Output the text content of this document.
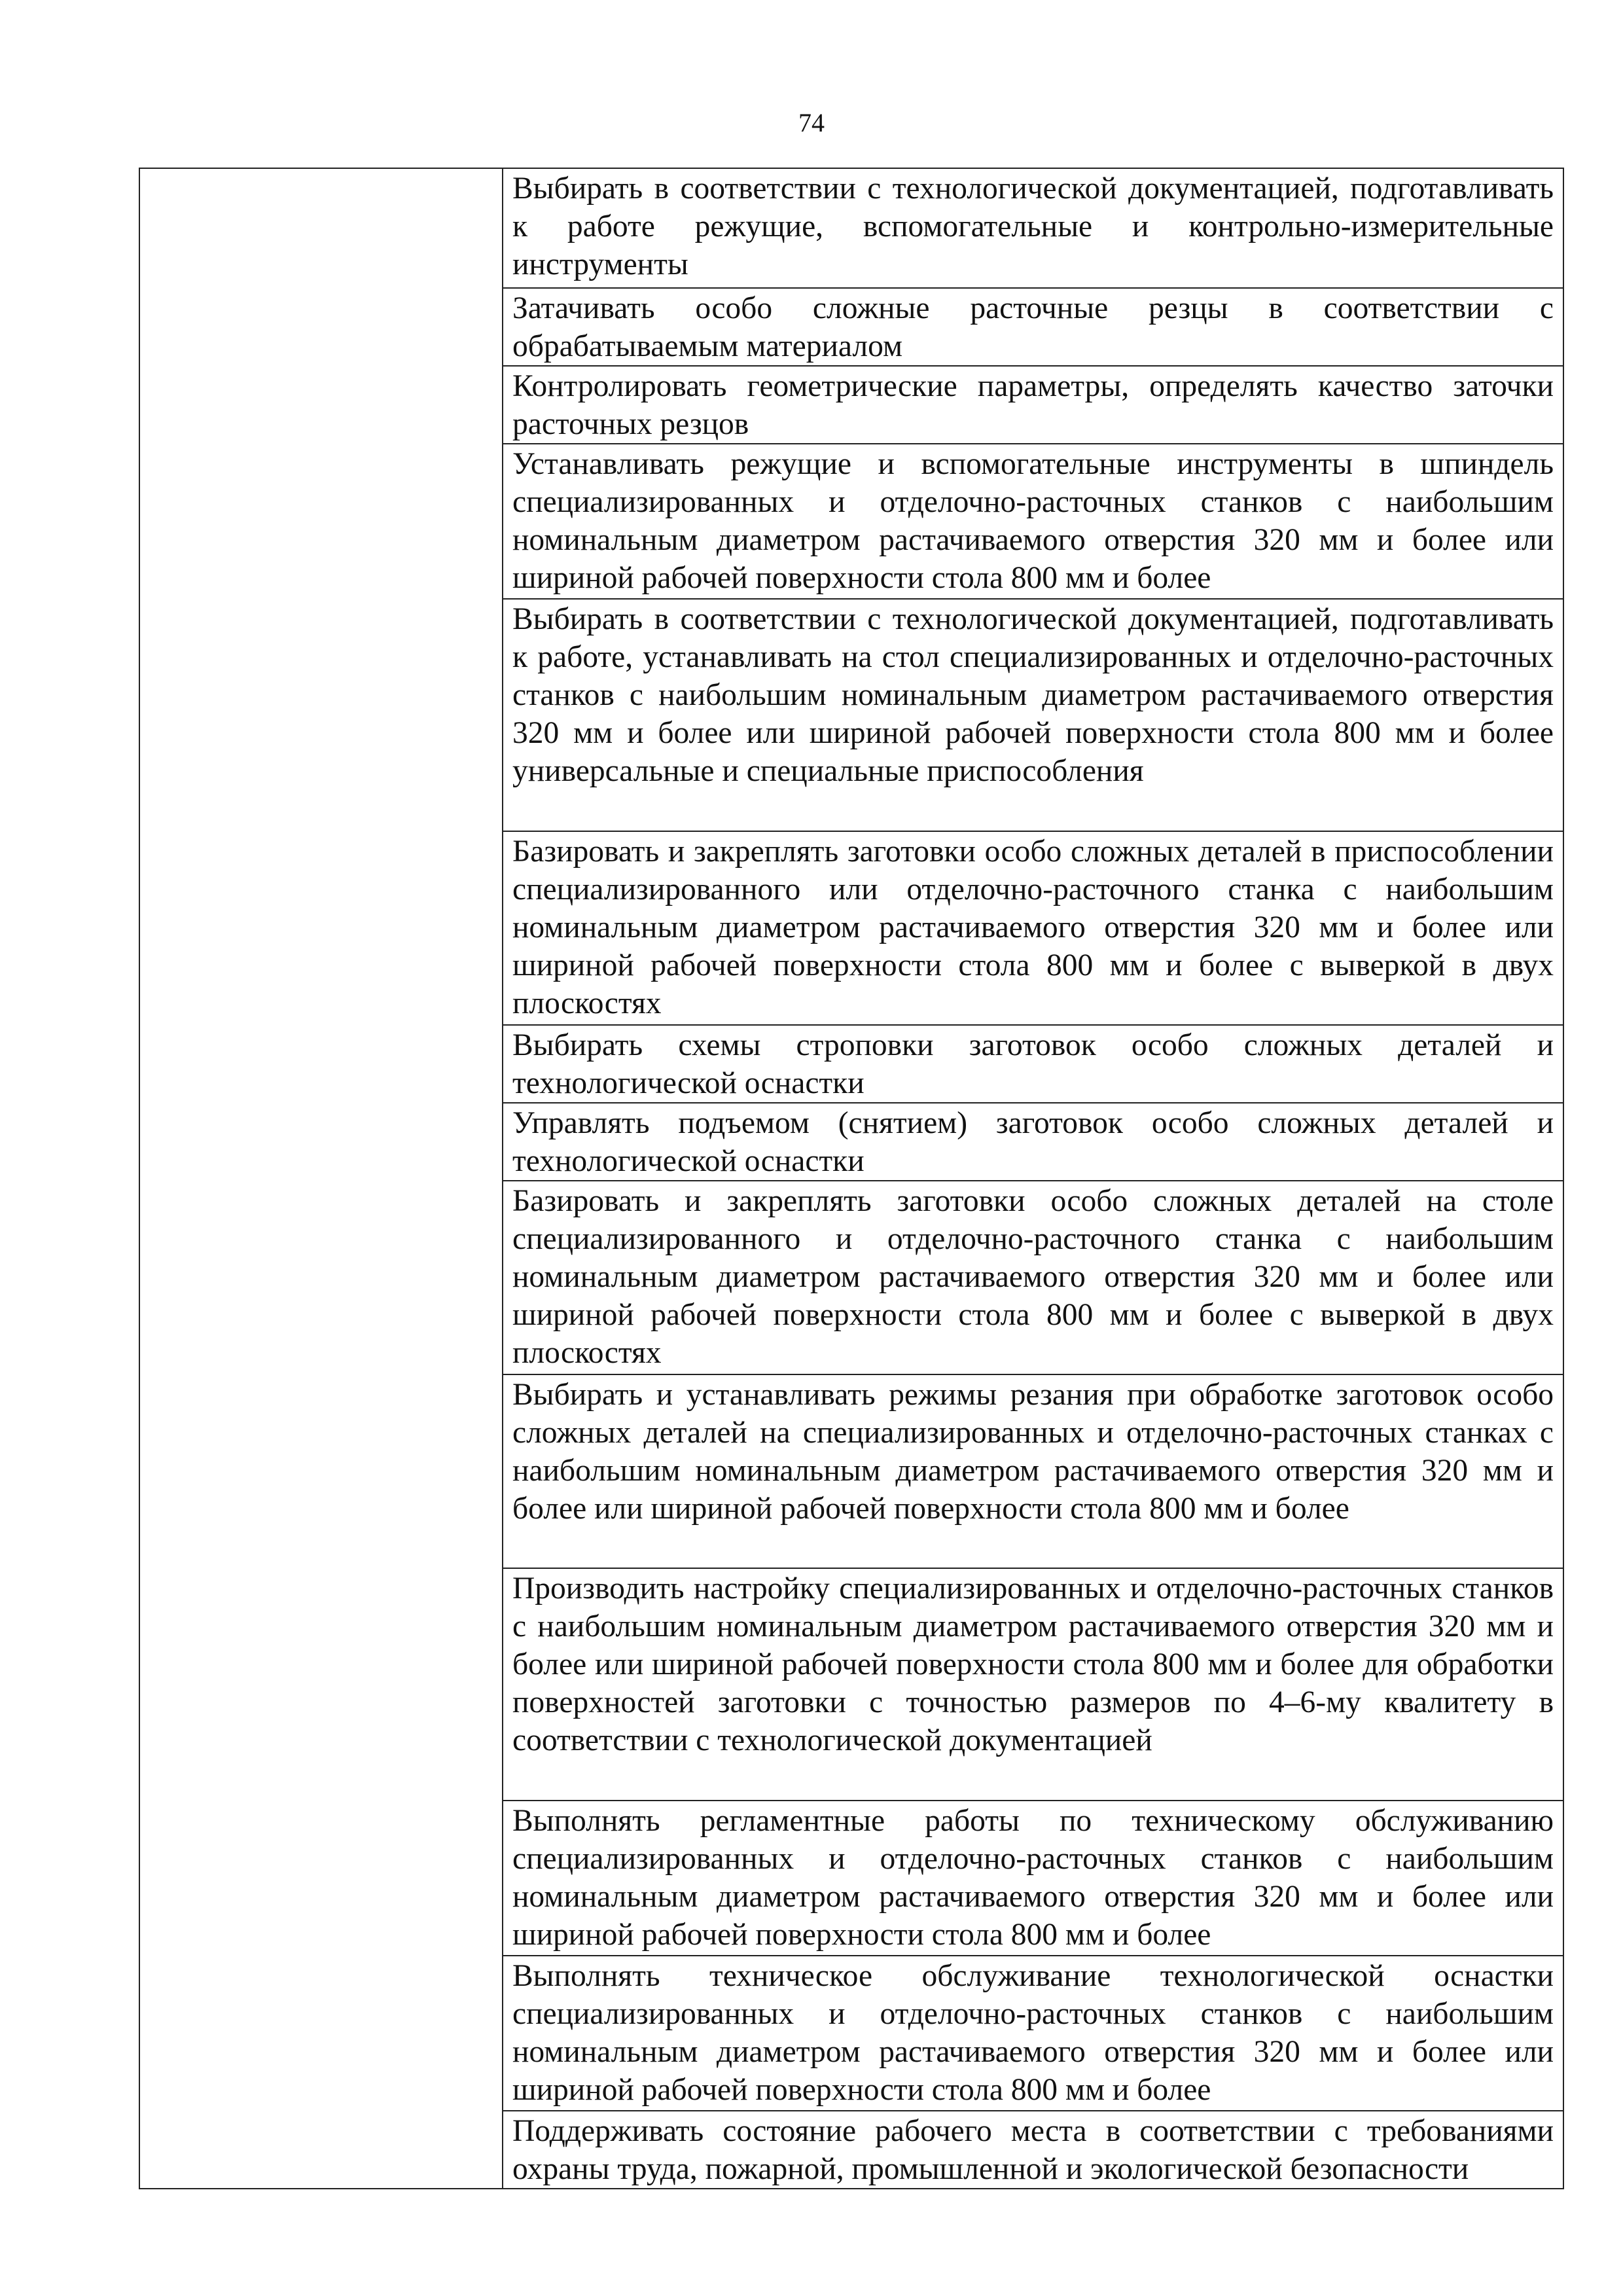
74
	Выбирать в соответствии с технологической документацией, подготавливать к работе режущие, вспомогательные и контрольно-измерительные инструменты
Затачивать особо сложные расточные резцы в соответствии с обрабатываемым материалом
Контролировать геометрические параметры, определять качество заточки расточных резцов
Устанавливать режущие и вспомогательные инструменты в шпиндель специализированных и отделочно-расточных станков с наибольшим номинальным диаметром растачиваемого отверстия 320 мм и более или шириной рабочей поверхности стола 800 мм и более
Выбирать в соответствии с технологической документацией, подготавливать к работе, устанавливать на стол специализированных и отделочно-расточных станков с наибольшим номинальным диаметром растачиваемого отверстия 320 мм и более или шириной рабочей поверхности стола 800 мм и более универсальные и специальные приспособления
Базировать и закреплять заготовки особо сложных деталей в приспособлении специализированного или отделочно-расточного станка с наибольшим номинальным диаметром растачиваемого отверстия 320 мм и более или шириной рабочей поверхности стола 800 мм и более с выверкой в двух плоскостях
Выбирать схемы строповки заготовок особо сложных деталей и технологической оснастки
Управлять подъемом (снятием) заготовок особо сложных деталей и технологической оснастки
Базировать и закреплять заготовки особо сложных деталей на столе специализированного и отделочно-расточного станка с наибольшим номинальным диаметром растачиваемого отверстия 320 мм и более или шириной рабочей поверхности стола 800 мм и более с выверкой в двух плоскостях
Выбирать и устанавливать режимы резания при обработке заготовок особо сложных деталей на специализированных и отделочно-расточных станках с наибольшим номинальным диаметром растачиваемого отверстия 320 мм и более или шириной рабочей поверхности стола 800 мм и более
Производить настройку специализированных и отделочно-расточных станков с наибольшим номинальным диаметром растачиваемого отверстия 320 мм и более или шириной рабочей поверхности стола 800 мм и более для обработки поверхностей заготовки с точностью размеров по 4–6-му квалитету в соответствии с технологической документацией
Выполнять регламентные работы по техническому обслуживанию специализированных и отделочно-расточных станков с наибольшим номинальным диаметром растачиваемого отверстия 320 мм и более или шириной рабочей поверхности стола 800 мм и более
Выполнять техническое обслуживание технологической оснастки специализированных и отделочно-расточных станков с наибольшим номинальным диаметром растачиваемого отверстия 320 мм и более или шириной рабочей поверхности стола 800 мм и более
Поддерживать состояние рабочего места в соответствии с требованиями охраны труда, пожарной, промышленной и экологической безопасности
